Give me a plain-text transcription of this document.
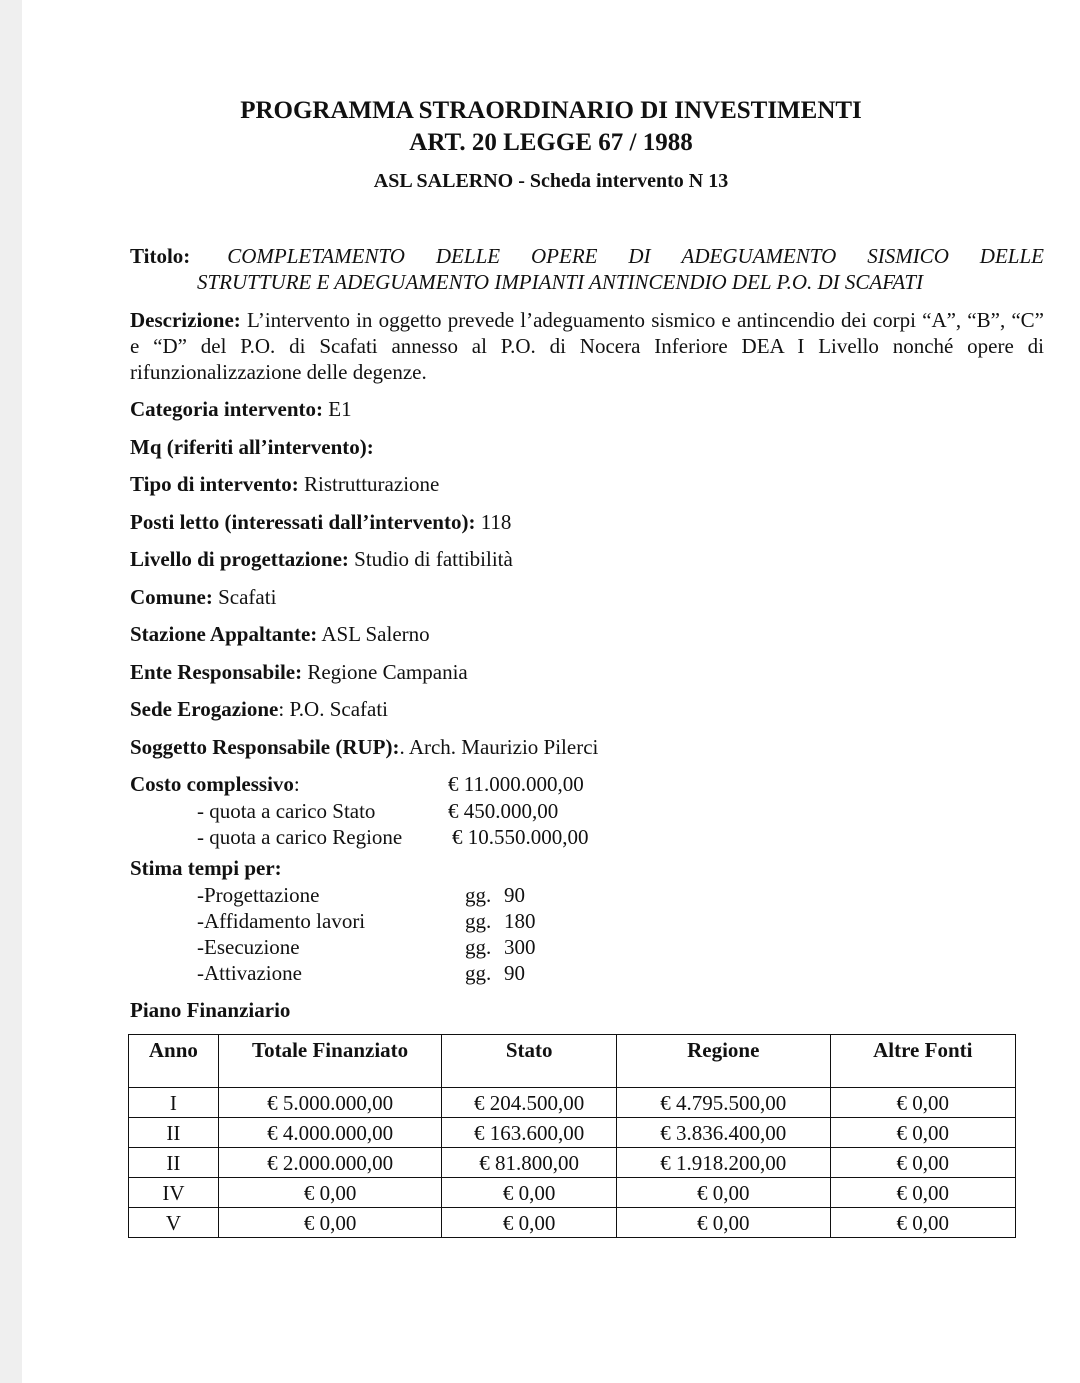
PROGRAMMA STRAORDINARIO DI INVESTIMENTI
ART. 20 LEGGE 67 / 1988
ASL SALERNO - Scheda intervento N 13
Titolo: COMPLETAMENTO DELLE OPERE DI ADEGUAMENTO SISMICO DELLE
STRUTTURE E ADEGUAMENTO IMPIANTI ANTINCENDIO DEL P.O. DI SCAFATI
Descrizione: L’intervento in oggetto prevede l’adeguamento sismico e antincendio dei corpi “A”, “B”, “C” e “D” del P.O. di Scafati annesso al P.O. di Nocera Inferiore DEA I Livello nonché opere di rifunzionalizzazione delle degenze.
Categoria intervento: E1
Mq (riferiti all’intervento):
Tipo di intervento: Ristrutturazione
Posti letto (interessati dall’intervento): 118
Livello di progettazione: Studio di fattibilità
Comune: Scafati
Stazione Appaltante: ASL Salerno
Ente Responsabile: Regione Campania
Sede Erogazione: P.O. Scafati
Soggetto Responsabile (RUP):. Arch. Maurizio Pilerci
Costo complessivo:	€ 11.000.000,00
- quota a carico Stato	€ 450.000,00
- quota a carico Regione € 10.550.000,00
Stima tempi per:
-Progettazione	gg. 90
-Affidamento lavori	gg. 180
-Esecuzione	gg. 300
-Attivazione	gg. 90
Piano Finanziario
Anno	Totale Finanziato	Stato	Regione	Altre Fonti
I	€ 5.000.000,00	€ 204.500,00	€ 4.795.500,00	€ 0,00
II	€ 4.000.000,00	€ 163.600,00	€ 3.836.400,00	€ 0,00
II	€ 2.000.000,00	€ 81.800,00	€ 1.918.200,00	€ 0,00
IV	€ 0,00	€ 0,00	€ 0,00	€ 0,00
V	€ 0,00	€ 0,00	€ 0,00	€ 0,00
